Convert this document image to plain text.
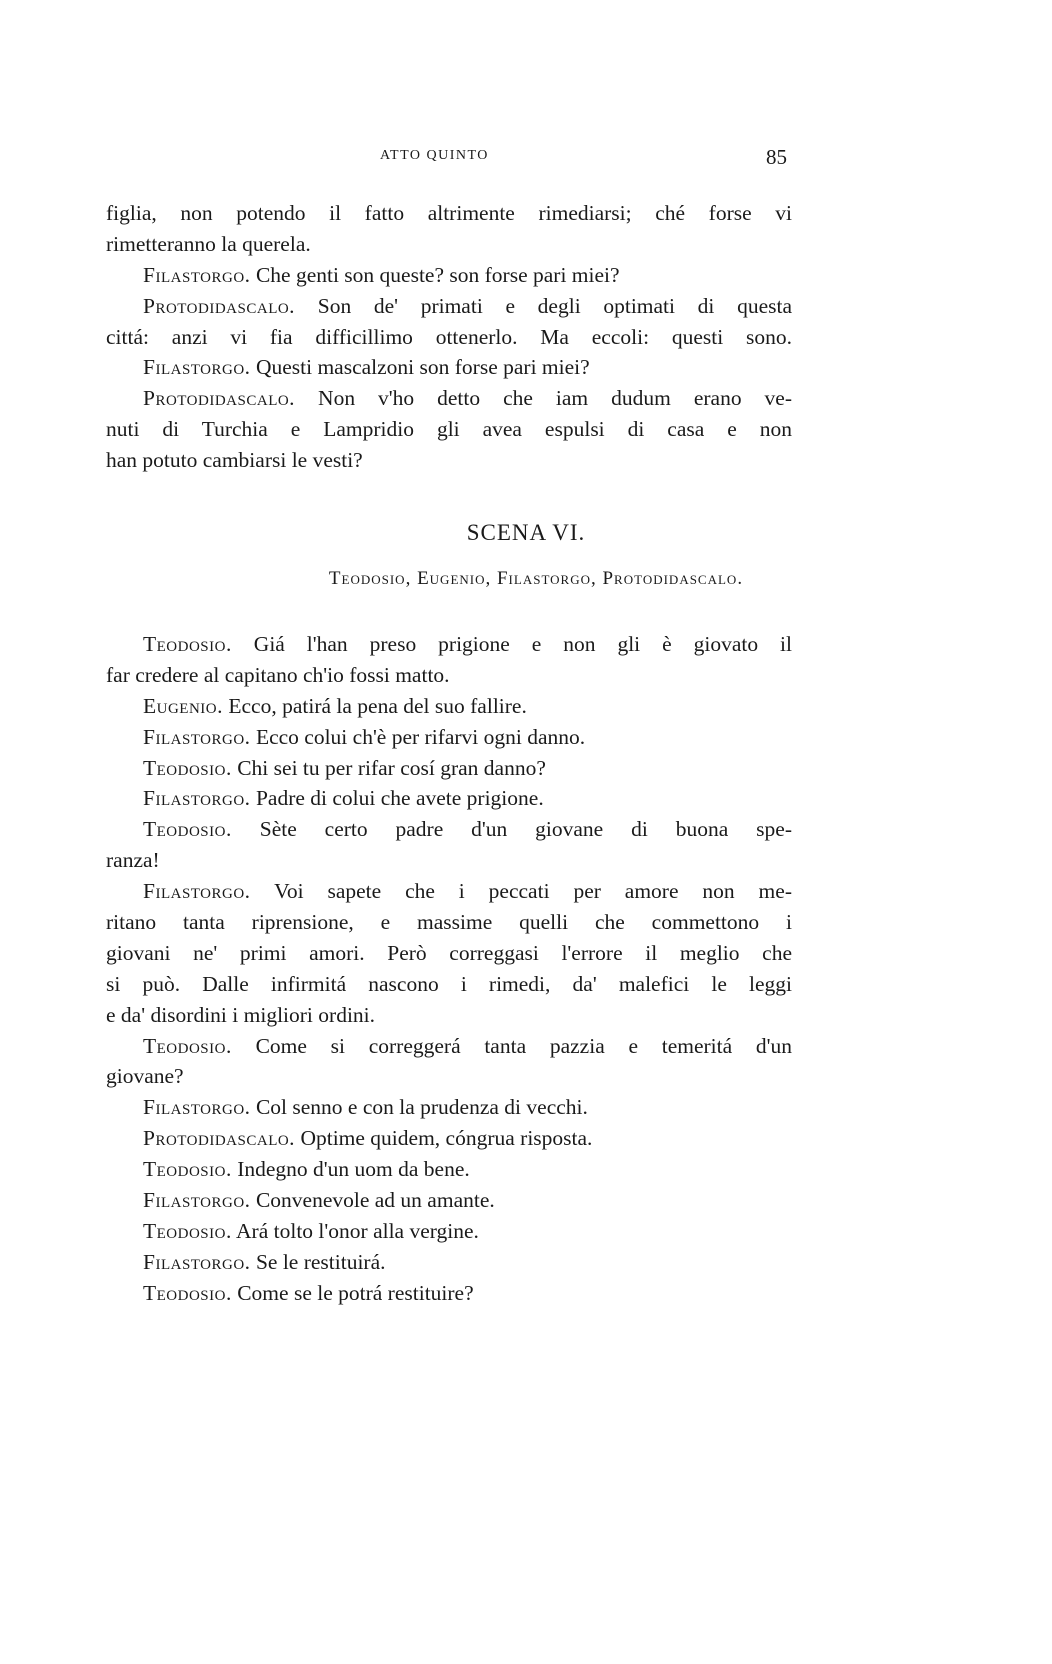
ATTO QUINTO	85
figlia, non potendo il fatto altrimente rimediarsi; ché forse vi
rimetteranno la querela.
Filastorgo. Che genti son queste? son forse pari miei?
Protodidascalo. Son de' primati e degli optimati di questa
cittá: anzi vi fia difficillimo ottenerlo. Ma eccoli: questi sono.
Filastorgo. Questi mascalzoni son forse pari miei?
Protodidascalo. Non v'ho detto che iam dudum erano ve-
nuti di Turchia e Lampridio gli avea espulsi di casa e non
han potuto cambiarsi le vesti?
SCENA VI.
Teodosio, Eugenio, Filastorgo, Protodidascalo.
Teodosio. Giá l'han preso prigione e non gli è giovato il
far credere al capitano ch'io fossi matto.
Eugenio. Ecco, patirá la pena del suo fallire.
Filastorgo. Ecco colui ch'è per rifarvi ogni danno.
Teodosio. Chi sei tu per rifar cosí gran danno?
Filastorgo. Padre di colui che avete prigione.
Teodosio. Sète certo padre d'un giovane di buona spe-
ranza!
Filastorgo. Voi sapete che i peccati per amore non me-
ritano tanta riprensione, e massime quelli che commettono i
giovani ne' primi amori. Però correggasi l'errore il meglio che
si può. Dalle infirmitá nascono i rimedi, da' malefici le leggi
e da' disordini i migliori ordini.
Teodosio. Come si correggerá tanta pazzia e temeritá d'un
giovane?
Filastorgo. Col senno e con la prudenza di vecchi.
Protodidascalo. Optime quidem, cóngrua risposta.
Teodosio. Indegno d'un uom da bene.
Filastorgo. Convenevole ad un amante.
Teodosio. Ará tolto l'onor alla vergine.
Filastorgo. Se le restituirá.
Teodosio. Come se le potrá restituire?
